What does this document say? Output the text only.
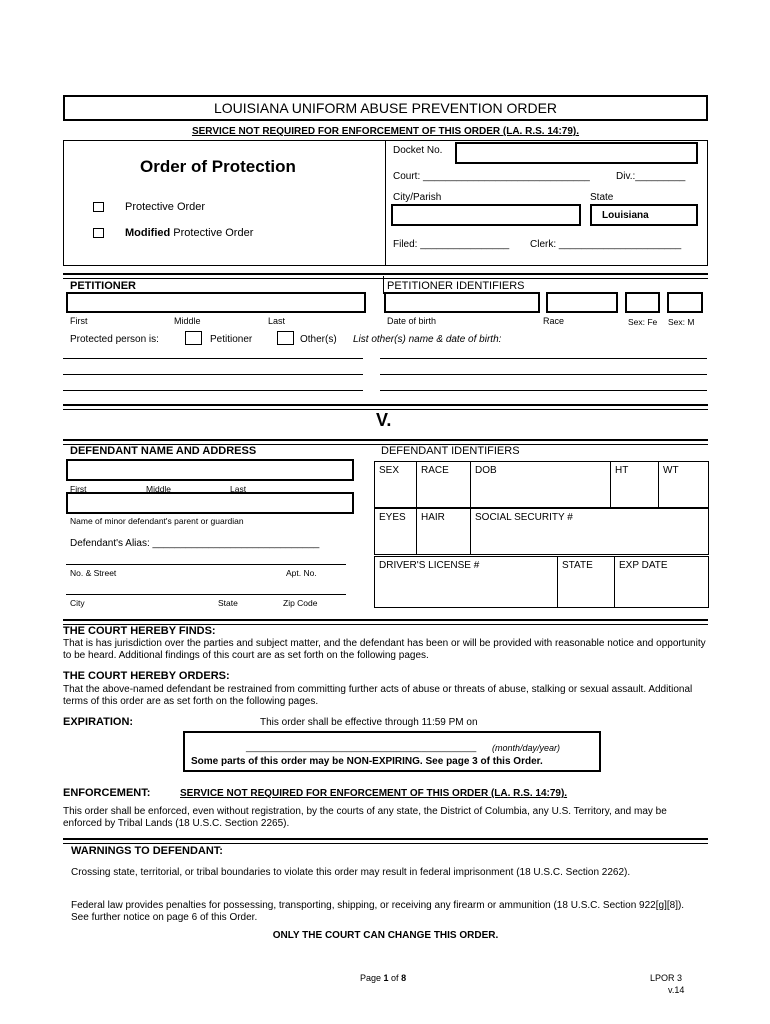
LOUISIANA UNIFORM ABUSE PREVENTION ORDER
SERVICE NOT REQUIRED FOR ENFORCEMENT OF THIS ORDER (LA. R.S. 14:79).
Order of Protection
Protective Order
Modified Protective Order
Docket No.
Court: ______________________________	Div.:_________
City/Parish	State
Louisiana
Filed: ________________ Clerk: ______________________
PETITIONER	PETITIONER IDENTIFIERS
First	Middle	Last	Date of birth	Race	Sex: Fe Sex: M
Protected person is:	Petitioner	Other(s) List other(s) name & date of birth:
V.
DEFENDANT NAME AND ADDRESS	DEFENDANT IDENTIFIERS
First	Middle	Last
Name of minor defendant's parent or guardian
Defendant's Alias: ______________________________
No. & Street	Apt. No.
City	State	Zip Code
SEX	RACE	DOB	HT	WT
EYES	HAIR	SOCIAL SECURITY #
DRIVER'S LICENSE #	STATE	EXP DATE
THE COURT HEREBY FINDS:
That is has jurisdiction over the parties and subject matter, and the defendant has been or will be provided with reasonable notice and opportunity to be heard. Additional findings of this court are as set forth on the following pages.
THE COURT HEREBY ORDERS:
That the above-named defendant be restrained from committing further acts of abuse or threats of abuse, stalking or sexual assault. Additional terms of this order are as set forth on the following pages.
EXPIRATION:	This order shall be effective through 11:59 PM on
______________________________________________ (month/day/year)
Some parts of this order may be NON-EXPIRING. See page 3 of this Order.
ENFORCEMENT:	SERVICE NOT REQUIRED FOR ENFORCEMENT OF THIS ORDER (LA. R.S. 14:79).
This order shall be enforced, even without registration, by the courts of any state, the District of Columbia, any U.S. Territory, and may be enforced by Tribal Lands (18 U.S.C. Section 2265).
WARNINGS TO DEFENDANT:
Crossing state, territorial, or tribal boundaries to violate this order may result in federal imprisonment (18 U.S.C. Section 2262).
Federal law provides penalties for possessing, transporting, shipping, or receiving any firearm or ammunition (18 U.S.C. Section 922[g][8]). See further notice on page 6 of this Order.
ONLY THE COURT CAN CHANGE THIS ORDER.
Page 1 of 8	LPOR 3
v.14
